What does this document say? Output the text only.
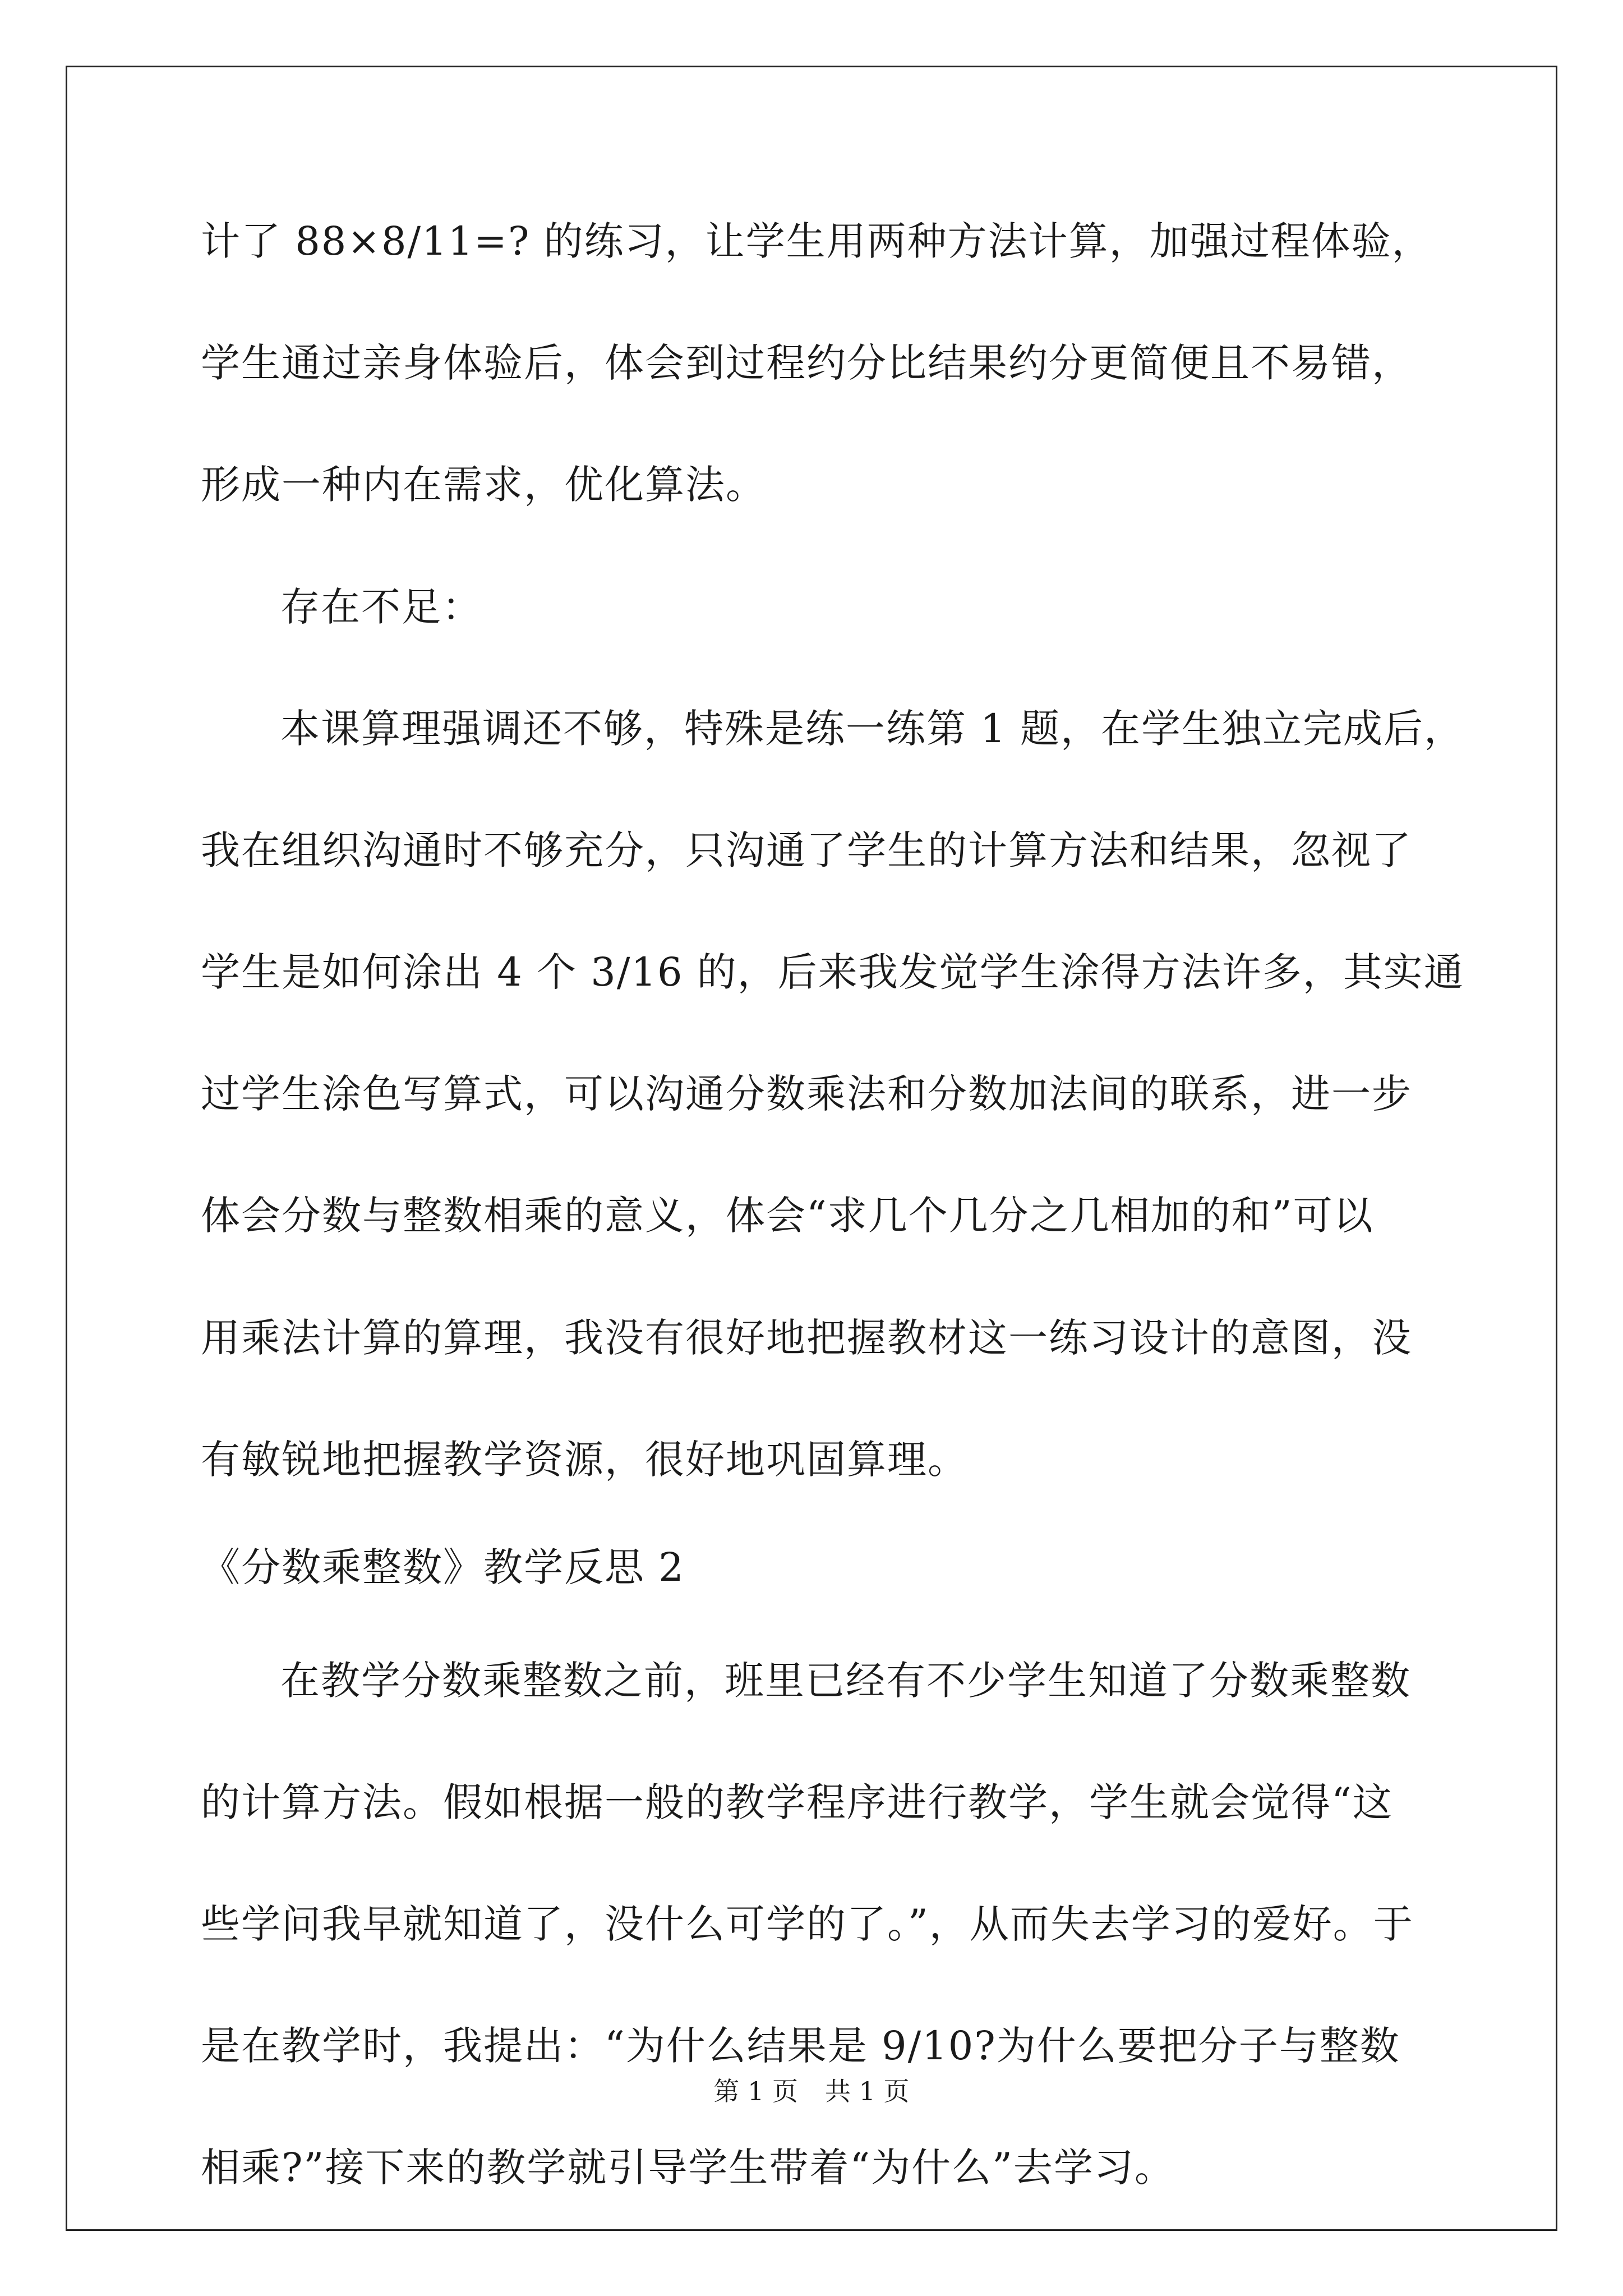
计了 88×8/11=? 的练习，让学生用两种方法计算，加强过程体验，
学生通过亲身体验后，体会到过程约分比结果约分更简便且不易错，
形成一种内在需求，优化算法。
存在不足：
本课算理强调还不够，特殊是练一练第 1 题，在学生独立完成后，
我在组织沟通时不够充分，只沟通了学生的计算方法和结果，忽视了
学生是如何涂出 4 个 3/16 的，后来我发觉学生涂得方法许多，其实通
过学生涂色写算式，可以沟通分数乘法和分数加法间的联系，进一步
体会分数与整数相乘的意义，体会“求几个几分之几相加的和”可以
用乘法计算的算理，我没有很好地把握教材这一练习设计的意图，没
有敏锐地把握教学资源，很好地巩固算理。
《分数乘整数》教学反思 2
在教学分数乘整数之前，班里已经有不少学生知道了分数乘整数
的计算方法。假如根据一般的教学程序进行教学，学生就会觉得“这
些学问我早就知道了，没什么可学的了。”，从而失去学习的爱好。于
是在教学时，我提出：“为什么结果是 9/10?为什么要把分子与整数
相乘?”接下来的教学就引导学生带着“为什么”去学习。
第 1 页 共 1 页
